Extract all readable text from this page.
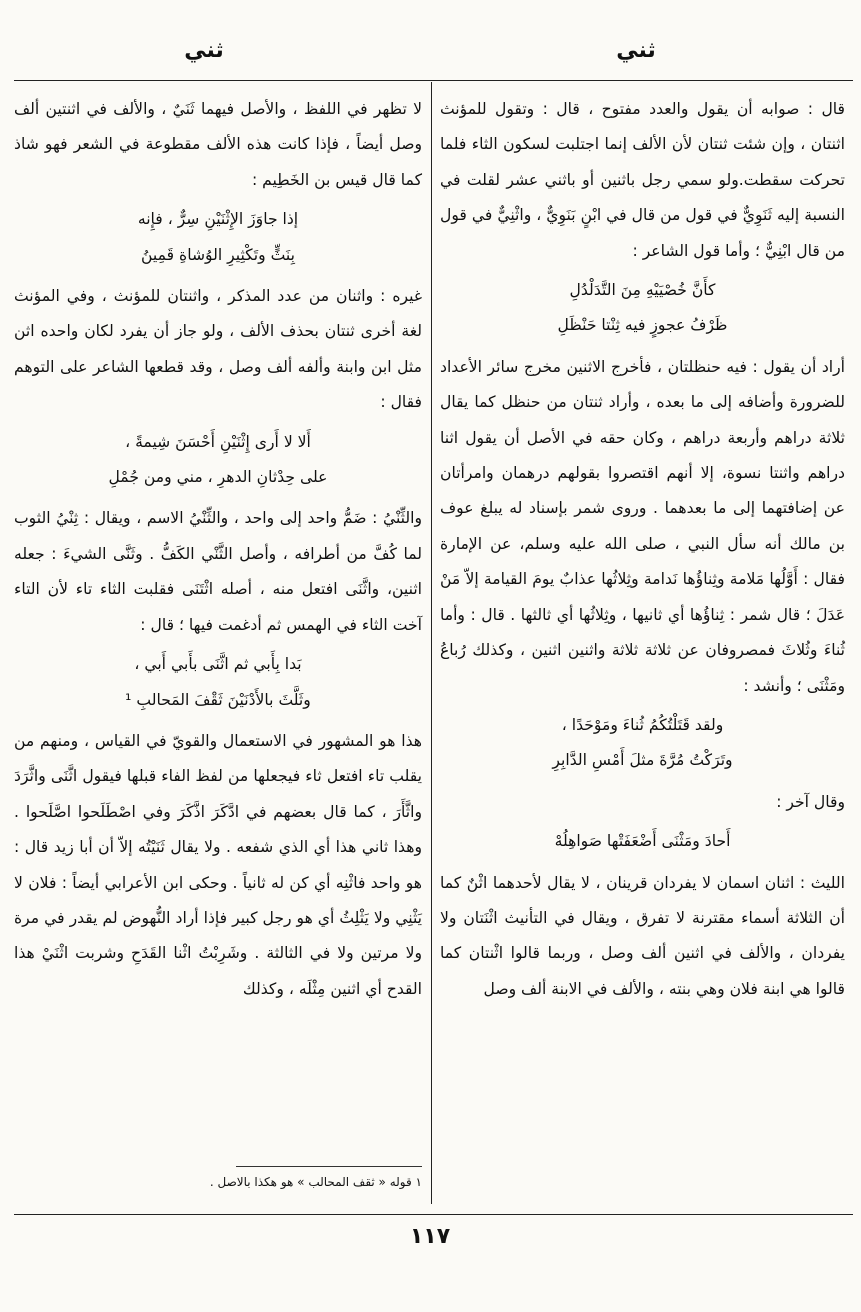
ثني
ثني

قال : صوابه أن يقول والعدد مفتوح ، قال : وتقول للمؤنث اثنتان ، وإن شئت ثنتان لأن الألف إنما اجتلبت لسكون الثاء فلما تحركت سقطت.ولو سمي رجل باثنين أو باثني عشر لقلت في النسبة إليه ثَنَوِيٌّ في قول من قال في ابْنٍ بَنَوِيٌّ ، واثْنِيٌّ في قول من قال ابْنِيٌّ ؛ وأما قول الشاعر :

كأَنَّ خُصْيَيْهِ مِنَ التَّدَلْدُلِ
ظَرْفُ عجوزٍ فيه ثِنْتا حَنْظَلِ

أراد أن يقول : فيه حنظلتان ، فأخرج الاثنين مخرج سائر الأعداد للضرورة وأضافه إلى ما بعده ، وأراد ثنتان من حنظل كما يقال ثلاثة دراهم وأربعة دراهم ، وكان حقه في الأصل أن يقول اثنا دراهم واثنتا نسوة، إلا أنهم اقتصروا بقولهم درهمان وامرأتان عن إضافتهما إلى ما بعدهما . وروى شمر بإسناد له يبلغ عوف بن مالك أنه سأل النبي ، صلى الله عليه وسلم، عن الإمارة فقال : أَوَّلُها مَلامة وثِناؤُها نَدامة وثِلاثُها عذابٌ يومَ القيامة إلاّ مَنْ عَدَلَ ؛ قال شمر : ثِناؤُها أي ثانيها ، وثِلاثُها أي ثالثها . قال : وأما ثُناءَ وثُلاثَ فمصروفان عن ثلاثة ثلاثة واثنين اثنين ، وكذلك رُباعُ ومَثْنَى ؛ وأنشد :

ولقد قَتَلْتُكُمُ ثُناءَ ومَوْحَدًا ،
وتَرَكْتُ مُرَّةَ مثلَ أَمْسِ الدَّابِرِ

وقال آخر :

أَحادَ ومَثْنَى أَضْعَفَتْها صَواهِلُهْ

الليث : اثنان اسمان لا يفردان قرينان ، لا يقال لأحدهما اثْنٌ كما أن الثلاثة أسماء مقترنة لا تفرق ، ويقال في التأنيث اثْنَتان ولا يفردان ، والألف في اثنين ألف وصل ، وربما قالوا اثْنتان كما قالوا هي ابنة فلان وهي بنته ، والألف في الابنة ألف وصل

لا تظهر في اللفظ ، والأصل فيهما ثَنَيٌ ، والألف في اثنتين ألف وصل أيضاً ، فإذا كانت هذه الألف مقطوعة في الشعر فهو شاذ كما قال قيس بن الخَطِيم :

إذا جاوَزَ الإِثْنَيْنِ سِرٌّ ، فإِنه
بِنَثٍّ وتَكْثِيرِ الوُشاةِ قَمِينُ

غيره : واثنان من عدد المذكر ، واثنتان للمؤنث ، وفي المؤنث لغة أخرى ثنتان بحذف الألف ، ولو جاز أن يفرد لكان واحده اثن مثل ابن وابنة وألفه ألف وصل ، وقد قطعها الشاعر على التوهم فقال :

أَلا لا أَرى إِثْنَيْنِ أَحْسَنَ شِيمةً ،
على حِدْثانِ الدهرِ ، مني ومن جُمْلِ

والثِّنْيُ : ضَمُّ واحد إلى واحد ، والثِّنْيُ الاسم ، ويقال : ثِنْيُ الثوب لما كُفَّ من أطرافه ، وأصل الثَّنْي الكَفُّ . وثَنَّى الشيءَ : جعله اثنين، واثَّنَى افتعل منه ، أصله اثْتَنَى فقلبت الثاء تاء لأن التاء آخت الثاء في الهمس ثم أدغمت فيها ؛ قال :

بَدا بِأَبي ثم اثَّنَى بأَبي أَبي ،
وثَلَّثَ بالأَدْنَيْنَ ثَقْفَ المَحالبِ ¹

هذا هو المشهور في الاستعمال والقويّ في القياس ، ومنهم من يقلب تاء افتعل ثاء فيجعلها من لفظ الفاء قبلها فيقول اثَّنَى واثَّرَدَ واثَّأَرَ ، كما قال بعضهم في ادَّكَرَ اذَّكَرَ وفي اصْطَلَحوا اصَّلَحوا . وهذا ثاني هذا أي الذي شفعه . ولا يقال ثَنَيْتُه إلاّ أن أبا زيد قال : هو واحد فاثْنِه أي كن له ثانياً . وحكى ابن الأعرابي أيضاً : فلان لا يَثْنِي ولا يَثْلِثُ أي هو رجل كبير فإذا أراد النُّهوض لم يقدر في مرة ولا مرتين ولا في الثالثة . وشَرِبْتُ اثْنا القَدَحِ وشربت اثْنَيْ هذا القدح أي اثنين مِثْلَه ، وكذلك

١ قوله « ثقف المحالب » هو هكذا بالاصل .
١١٧
